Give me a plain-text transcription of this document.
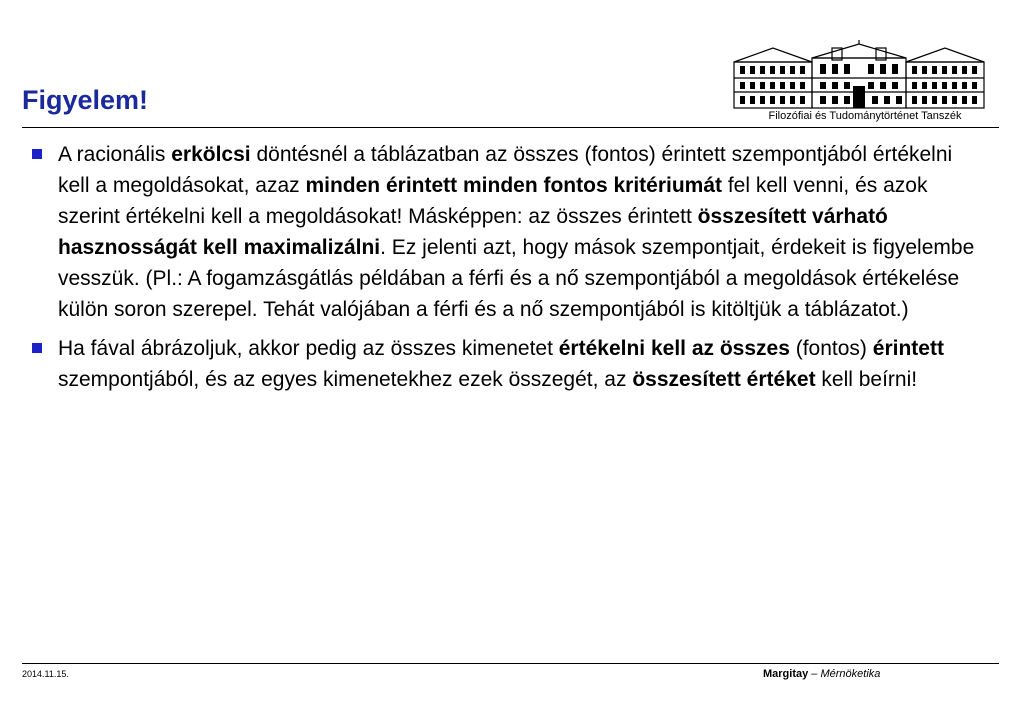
Figyelem!
Filozófiai és Tudománytörténet Tanszék
A racionális erkölcsi döntésnél a táblázatban az összes (fontos) érintett szempontjából értékelni kell a megoldásokat, azaz minden érintett minden fontos kritériumát fel kell venni, és azok szerint értékelni kell a megoldásokat! Másképpen: az összes érintett összesített várható hasznosságát kell maximalizálni. Ez jelenti azt, hogy mások szempontjait, érdekeit is figyelembe vesszük. (Pl.: A fogamzásgátlás példában a férfi és a nő szempontjából a megoldások értékelése külön soron szerepel. Tehát valójában a férfi és a nő szempontjából is kitöltjük a táblázatot.)
Ha fával ábrázoljuk, akkor pedig az összes kimenetet értékelni kell az összes (fontos) érintett szempontjából, és az egyes kimenetekhez ezek összegét, az összesített értéket kell beírni!
2014.11.15.	Margitay – Mérnöketika
